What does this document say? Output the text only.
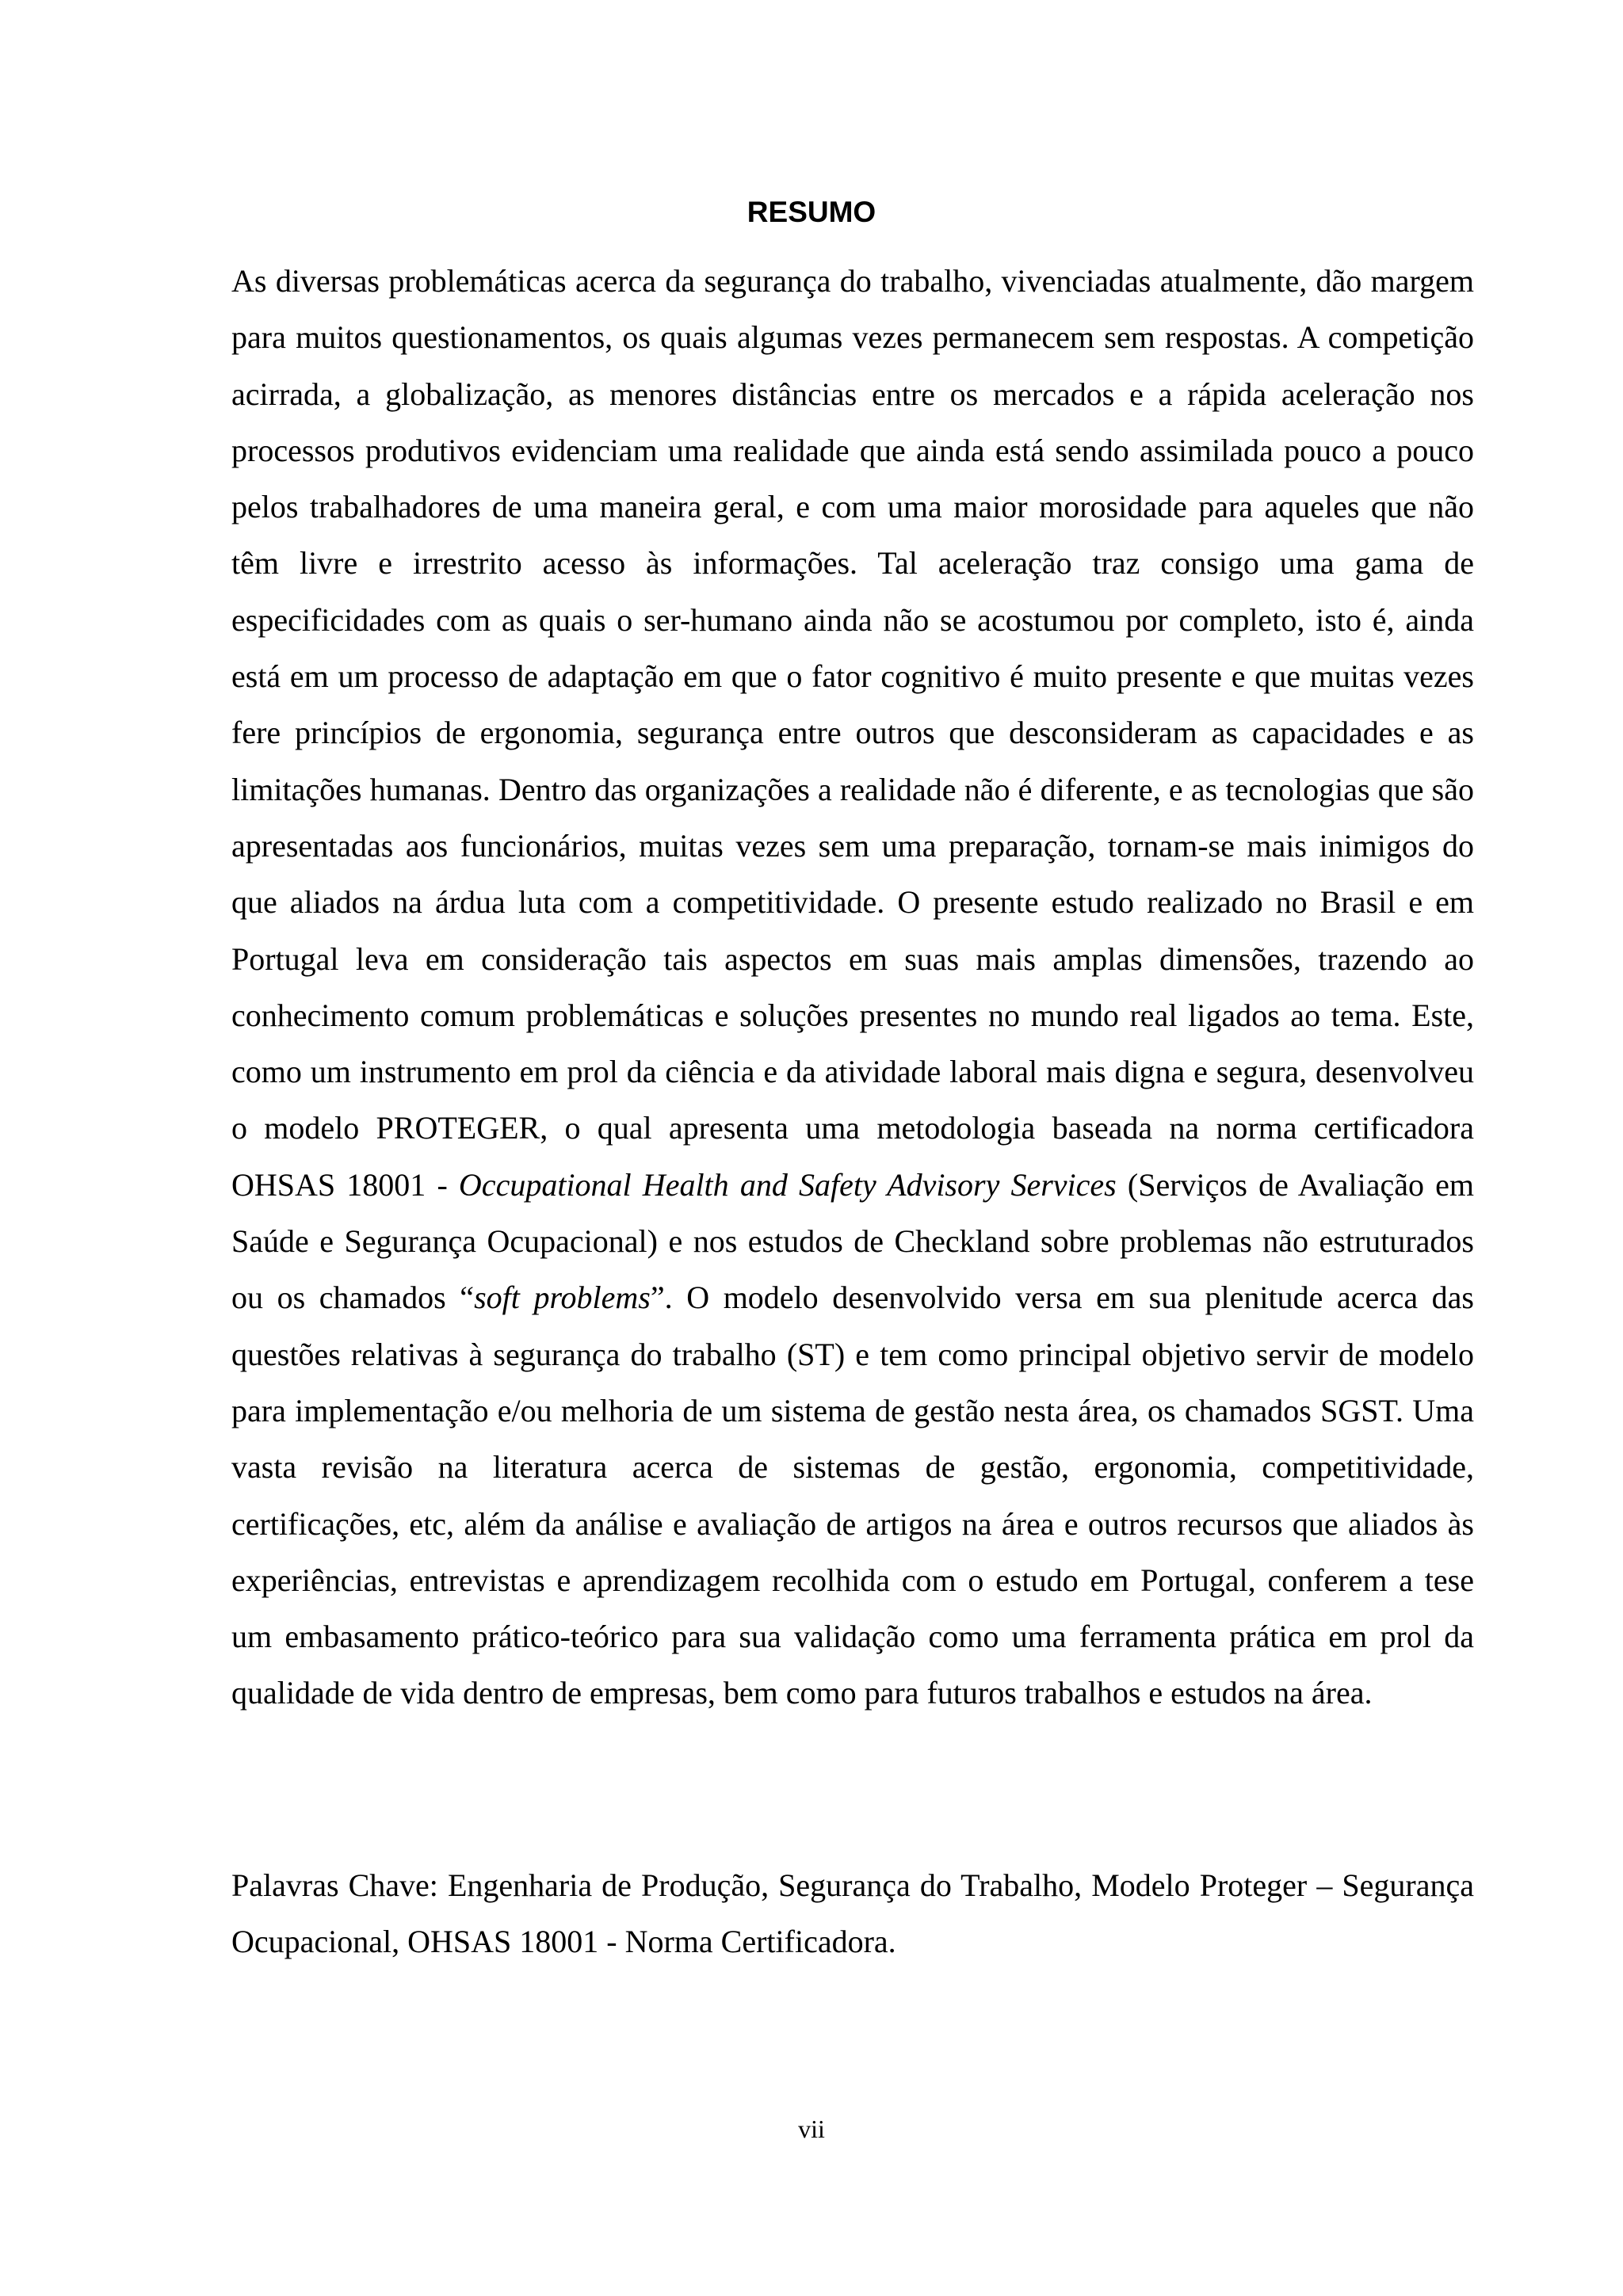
RESUMO

As diversas problemáticas acerca da segurança do trabalho, vivenciadas atualmente, dão margem para muitos questionamentos, os quais algumas vezes permanecem sem respostas. A competição acirrada, a globalização, as menores distâncias entre os mercados e a rápida aceleração nos processos produtivos evidenciam uma realidade que ainda está sendo assimilada pouco a pouco pelos trabalhadores de uma maneira geral, e com uma maior morosidade para aqueles que não têm livre e irrestrito acesso às informações. Tal aceleração traz consigo uma gama de especificidades com as quais o ser-humano ainda não se acostumou por completo, isto é, ainda está em um processo de adaptação em que o fator cognitivo é muito presente e que muitas vezes fere princípios de ergonomia, segurança entre outros que desconsideram as capacidades e as limitações humanas. Dentro das organizações a realidade não é diferente, e as tecnologias que são apresentadas aos funcionários, muitas vezes sem uma preparação, tornam-se mais inimigos do que aliados na árdua luta com a competitividade. O presente estudo realizado no Brasil e em Portugal leva em consideração tais aspectos em suas mais amplas dimensões, trazendo ao conhecimento comum problemáticas e soluções presentes no mundo real ligados ao tema. Este, como um instrumento em prol da ciência e da atividade laboral mais digna e segura, desenvolveu o modelo PROTEGER, o qual apresenta uma metodologia baseada na norma certificadora OHSAS 18001 - Occupational Health and Safety Advisory Services (Serviços de Avaliação em Saúde e Segurança Ocupacional) e nos estudos de Checkland sobre problemas não estruturados ou os chamados “soft problems”. O modelo desenvolvido versa em sua plenitude acerca das questões relativas à segurança do trabalho (ST) e tem como principal objetivo servir de modelo para implementação e/ou melhoria de um sistema de gestão nesta área, os chamados SGST. Uma vasta revisão na literatura acerca de sistemas de gestão, ergonomia, competitividade, certificações, etc, além da análise e avaliação de artigos na área e outros recursos que aliados às experiências, entrevistas e aprendizagem recolhida com o estudo em Portugal, conferem a tese um embasamento prático-teórico para sua validação como uma ferramenta prática em prol da qualidade de vida dentro de empresas, bem como para futuros trabalhos e estudos na área.

Palavras Chave: Engenharia de Produção, Segurança do Trabalho, Modelo Proteger – Segurança Ocupacional, OHSAS 18001 - Norma Certificadora.

vii
